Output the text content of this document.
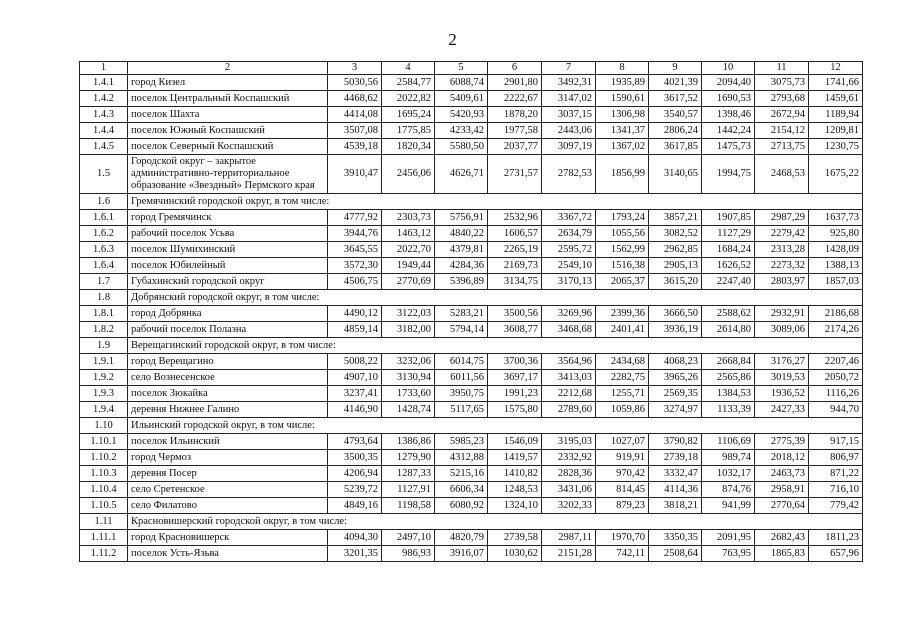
2
1	2	3	4	5	6	7	8	9	10	11	12
1.4.1	город Кизел	5030,56	2584,77	6088,74	2901,80	3492,31	1935,89	4021,39	2094,40	3075,73	1741,66
1.4.2	поселок Центральный Коспашский	4468,62	2022,82	5409,61	2222,67	3147,02	1590,61	3617,52	1690,53	2793,68	1459,61
1.4.3	поселок Шахта	4414,08	1695,24	5420,93	1878,20	3037,15	1306,98	3540,57	1398,46	2672,94	1189,94
1.4.4	поселок Южный Коспашский	3507,08	1775,85	4233,42	1977,58	2443,06	1341,37	2806,24	1442,24	2154,12	1209,81
1.4.5	поселок Северный Коспашский	4539,18	1820,34	5580,50	2037,77	3097,19	1367,02	3617,85	1475,73	2713,75	1230,75
1.5	Городской округ – закрытое административно-территориальное образование «Звездный» Пермского края	3910,47	2456,06	4626,71	2731,57	2782,53	1856,99	3140,65	1994,75	2468,53	1675,22
1.6	Гремячинский городской округ, в том числе:										
1.6.1	город Гремячинск	4777,92	2303,73	5756,91	2532,96	3367,72	1793,24	3857,21	1907,85	2987,29	1637,73
1.6.2	рабочий поселок Усьва	3944,76	1463,12	4840,22	1606,57	2634,79	1055,56	3082,52	1127,29	2279,42	925,80
1.6.3	поселок Шумихинский	3645,55	2022,70	4379,81	2265,19	2595,72	1562,99	2962,85	1684,24	2313,28	1428,09
1.6.4	поселок Юбилейный	3572,30	1949,44	4284,36	2169,73	2549,10	1516,38	2905,13	1626,52	2273,32	1388,13
1.7	Губахинский городской округ	4506,75	2770,69	5396,89	3134,75	3170,13	2065,37	3615,20	2247,40	2803,97	1857,03
1.8	Добрянский городской округ, в том числе:										
1.8.1	город Добрянка	4490,12	3122,03	5283,21	3500,56	3269,96	2399,36	3666,50	2588,62	2932,91	2186,68
1.8.2	рабочий поселок Полазна	4859,14	3182,00	5794,14	3608,77	3468,68	2401,41	3936,19	2614,80	3089,06	2174,26
1.9	Верещагинский городской округ, в том числе:										
1.9.1	город Верещагино	5008,22	3232,06	6014,75	3700,36	3564,96	2434,68	4068,23	2668,84	3176,27	2207,46
1.9.2	село Вознесенское	4907,10	3130,94	6011,56	3697,17	3413,03	2282,75	3965,26	2565,86	3019,53	2050,72
1.9.3	поселок Зюкайка	3237,41	1733,60	3950,75	1991,23	2212,68	1255,71	2569,35	1384,53	1936,52	1116,26
1.9.4	деревня Нижнее Галино	4146,90	1428,74	5117,65	1575,80	2789,60	1059,86	3274,97	1133,39	2427,33	944,70
1.10	Ильинский городской округ, в том числе:										
1.10.1	поселок Ильинский	4793,64	1386,86	5985,23	1546,09	3195,03	1027,07	3790,82	1106,69	2775,39	917,15
1.10.2	город Чермоз	3500,35	1279,90	4312,88	1419,57	2332,92	919,91	2739,18	989,74	2018,12	806,97
1.10.3	деревня Посер	4206,94	1287,33	5215,16	1410,82	2828,36	970,42	3332,47	1032,17	2463,73	871,22
1.10.4	село Сретенское	5239,72	1127,91	6606,34	1248,53	3431,06	814,45	4114,36	874,76	2958,91	716,10
1.10.5	село Филатово	4849,16	1198,58	6080,92	1324,10	3202,33	879,23	3818,21	941,99	2770,64	779,42
1.11	Красновишерский городской округ, в том числе:										
1.11.1	город Красновишерск	4094,30	2497,10	4820,79	2739,58	2987,11	1970,70	3350,35	2091,95	2682,43	1811,23
1.11.2	поселок Усть-Язьва	3201,35	986,93	3916,07	1030,62	2151,28	742,11	2508,64	763,95	1865,83	657,96
